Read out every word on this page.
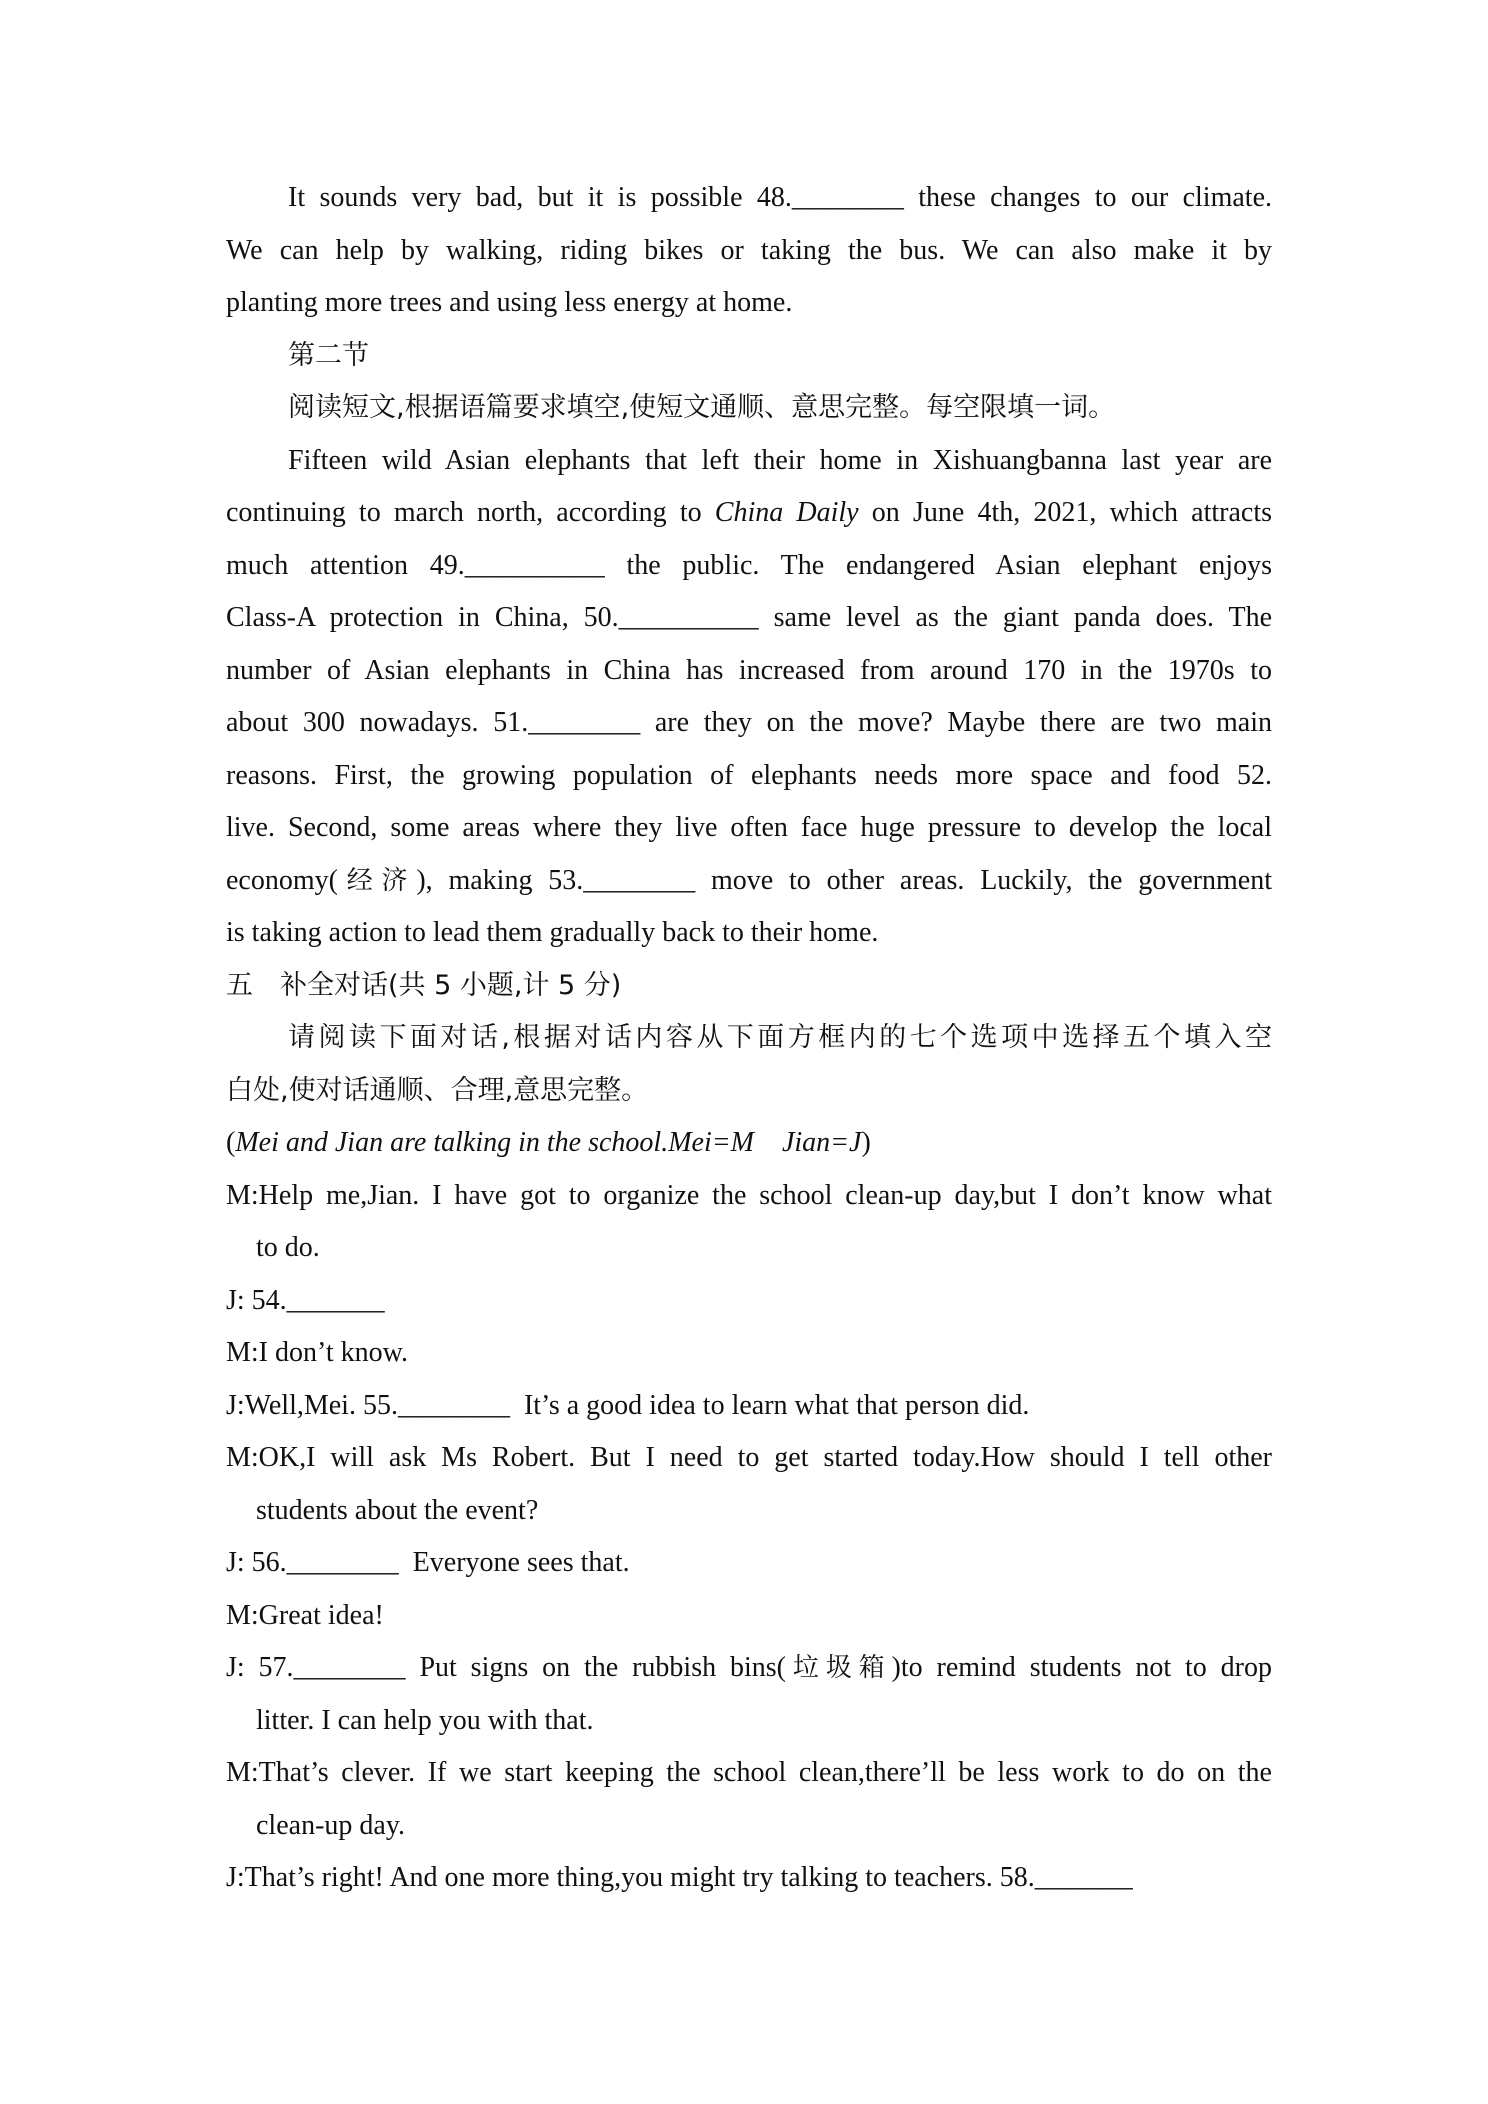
It sounds very bad, but it is possible 48.________ these changes to our climate.
We can help by walking, riding bikes or taking the bus. We can also make it by
planting more trees and using less energy at home.
第二节
阅读短文,根据语篇要求填空,使短文通顺、意思完整。每空限填一词。
Fifteen wild Asian elephants that left their home in Xishuangbanna last year are
continuing to march north, according to China Daily on June 4th, 2021, which attracts
much attention 49.__________ the public. The endangered Asian elephant enjoys
Class-A protection in China, 50.__________ same level as the giant panda does. The
number of Asian elephants in China has increased from around 170 in the 1970s to
about 300 nowadays. 51.________ are they on the move? Maybe there are two main
reasons. First, the growing population of elephants needs more space and food 52.
live. Second, some areas where they live often face huge pressure to develop the local
economy(经济), making 53.________ move to other areas. Luckily, the government
is taking action to lead them gradually back to their home.
五　补全对话(共 5 小题,计 5 分)
请阅读下面对话,根据对话内容从下面方框内的七个选项中选择五个填入空
白处,使对话通顺、合理,意思完整。
(Mei and Jian are talking in the school.Mei=M    Jian=J)
M:Help me,Jian. I have got to organize the school clean-up day,but I don’t know what
to do.
J: 54._______
M:I don’t know.
J:Well,Mei. 55.________  It’s a good idea to learn what that person did.
M:OK,I will ask Ms Robert. But I need to get started today.How should I tell other
students about the event?
J: 56.________  Everyone sees that.
M:Great idea!
J: 57.________ Put signs on the rubbish bins(垃圾箱)to remind students not to drop
litter. I can help you with that.
M:That’s clever. If we start keeping the school clean,there’ll be less work to do on the
clean-up day.
J:That’s right! And one more thing,you might try talking to teachers. 58._______
